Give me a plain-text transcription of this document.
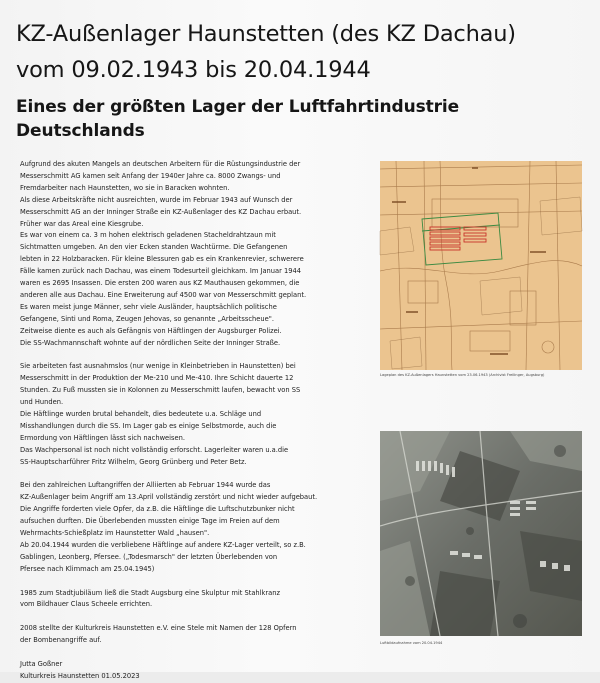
KZ-Außenlager Haunstetten (des KZ Dachau)
vom 09.02.1943 bis 20.04.1944
Eines der größten Lager der Luftfahrtindustrie Deutschlands
Aufgrund des akuten Mangels an deutschen Arbeitern für die Rüstungsindustrie der
Messerschmitt AG kamen seit Anfang der 1940er Jahre ca. 8000 Zwangs- und
Fremdarbeiter nach Haunstetten, wo sie in Baracken wohnten.
Als diese Arbeitskräfte nicht ausreichten, wurde im Februar 1943 auf Wunsch der
Messerschmitt AG an der Inninger Straße ein KZ-Außenlager des KZ Dachau erbaut.
Früher war das Areal eine Kiesgrube.
Es war von einem ca. 3 m hohen elektrisch geladenen Stacheldrahtzaun mit
Sichtmatten umgeben. An den vier Ecken standen Wachtürme. Die Gefangenen
lebten in 22 Holzbaracken. Für kleine Blessuren gab es ein Krankenrevier, schwerere
Fälle kamen zurück nach Dachau, was einem Todesurteil gleichkam. Im Januar 1944
waren es 2695 Insassen. Die ersten 200 waren aus KZ Mauthausen gekommen, die
anderen alle aus Dachau. Eine Erweiterung auf 4500 war von Messerschmitt geplant.
Es waren meist junge Männer, sehr viele Ausländer, hauptsächlich politische
Gefangene, Sinti und Roma, Zeugen Jehovas, so genannte „Arbeitsscheue".
Zeitweise diente es auch als Gefängnis von Häftlingen der Augsburger Polizei.
Die SS-Wachmannschaft wohnte auf der nördlichen Seite der Inninger Straße.
Sie arbeiteten fast ausnahmslos (nur wenige in Kleinbetrieben in Haunstetten) bei
Messerschmitt in der Produktion der Me-210 und Me-410. Ihre Schicht dauerte 12
Stunden. Zu Fuß mussten sie in Kolonnen zu Messerschmitt laufen, bewacht von SS
und Hunden.
Die Häftlinge wurden brutal behandelt, dies bedeutete u.a. Schläge und
Misshandlungen durch die SS. Im Lager gab es einige Selbstmorde, auch die
Ermordung von Häftlingen lässt sich nachweisen.
Das Wachpersonal ist noch nicht vollständig erforscht. Lagerleiter waren u.a.die
SS-Hauptscharführer Fritz Wilhelm, Georg Grünberg und Peter Betz.
Bei den zahlreichen Luftangriffen der Alliierten ab Februar 1944 wurde das
KZ-Außenlager beim Angriff am 13.April vollständig zerstört und nicht wieder aufgebaut.
Die Angriffe forderten viele Opfer, da z.B. die Häftlinge die Luftschutzbunker nicht
aufsuchen durften. Die Überlebenden mussten einige Tage im Freien auf dem
Wehrmachts-Schießplatz im Haunstetter Wald „hausen".
Ab 20.04.1944 wurden die verbliebene Häftlinge auf andere KZ-Lager verteilt, so z.B.
Gablingen, Leonberg, Pfersee. („Todesmarsch" der letzten Überlebenden von
Pfersee nach Klimmach am 25.04.1945)
1985 zum Stadtjubiläum ließ die Stadt Augsburg eine Skulptur mit Stahlkranz
vom Bildhauer Claus Scheele errichten.
2008 stellte der Kulturkreis Haunstetten e.V. eine Stele mit Namen der 128 Opfern
der Bombenangriffe auf.
Jutta Goßner
Kulturkreis Haunstetten 01.05.2023
Lageplan des KZ-Außenlagers Haunstetten vom 23.06.1943 (Archivist Freilinger, Augsburg)
Luftbildaufnahme vom 20.04.1944
